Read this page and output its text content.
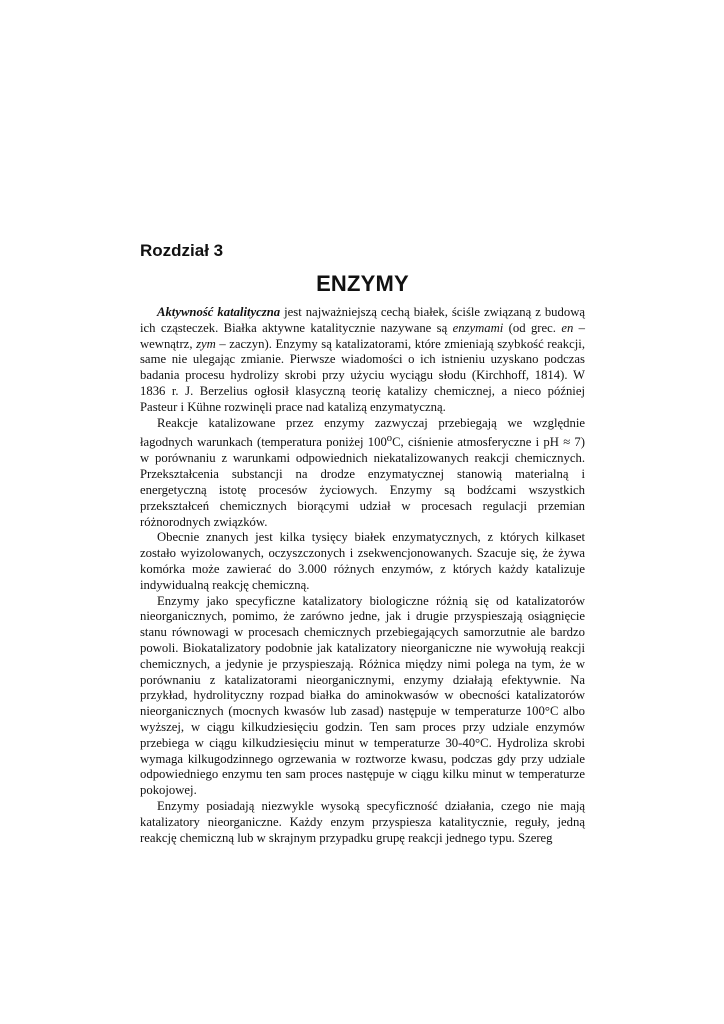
Rozdział 3
ENZYMY

Aktywność katalityczna jest najważniejszą cechą białek, ściśle związaną z budową ich cząsteczek. Białka aktywne katalitycznie nazywane są enzymami (od grec. en – wewnątrz, zym – zaczyn). Enzymy są katalizatorami, które zmieniają szybkość reakcji, same nie ulegając zmianie. Pierwsze wiadomości o ich istnieniu uzyskano podczas badania procesu hydrolizy skrobi przy użyciu wyciągu słodu (Kirchhoff, 1814). W 1836 r. J. Berzelius ogłosił klasyczną teorię katalizy chemicznej, a nieco później Pasteur i Kühne rozwinęli prace nad katalizą enzymatyczną.

Reakcje katalizowane przez enzymy zazwyczaj przebiegają we względnie łagodnych warunkach (temperatura poniżej 100$^o$C, ciśnienie atmosferyczne i pH ≈ 7) w porównaniu z warunkami odpowiednich niekatalizowanych reakcji chemicznych. Przekształcenia substancji na drodze enzymatycznej stanowią materialną i energetyczną istotę procesów życiowych. Enzymy są bodźcami wszystkich przekształceń chemicznych biorącymi udział w procesach regulacji przemian różnorodnych związków.

Obecnie znanych jest kilka tysięcy białek enzymatycznych, z których kilkaset zostało wyizolowanych, oczyszczonych i zsekwencjonowanych. Szacuje się, że żywa komórka może zawierać do 3.000 różnych enzymów, z których każdy katalizuje indywidualną reakcję chemiczną.

Enzymy jako specyficzne katalizatory biologiczne różnią się od katalizatorów nieorganicznych, pomimo, że zarówno jedne, jak i drugie przyspieszają osiągnięcie stanu równowagi w procesach chemicznych przebiegających samorzutnie ale bardzo powoli. Biokatalizatory podobnie jak katalizatory nieorganiczne nie wywołują reakcji chemicznych, a jedynie je przyspieszają. Różnica między nimi polega na tym, że w porównaniu z katalizatorami nieorganicznymi, enzymy działają efektywnie. Na przykład, hydrolityczny rozpad białka do aminokwasów w obecności katalizatorów nieorganicznych (mocnych kwasów lub zasad) następuje w temperaturze 100°C albo wyższej, w ciągu kilkudziesięciu godzin. Ten sam proces przy udziale enzymów przebiega w ciągu kilkudziesięciu minut w temperaturze 30-40°C. Hydroliza skrobi wymaga kilkugodzinnego ogrzewania w roztworze kwasu, podczas gdy przy udziale odpowiedniego enzymu ten sam proces następuje w ciągu kilku minut w temperaturze pokojowej.

Enzymy posiadają niezwykle wysoką specyficzność działania, czego nie mają katalizatory nieorganiczne. Każdy enzym przyspiesza katalitycznie, reguły, jedną reakcję chemiczną lub w skrajnym przypadku grupę reakcji jednego typu. Szereg
